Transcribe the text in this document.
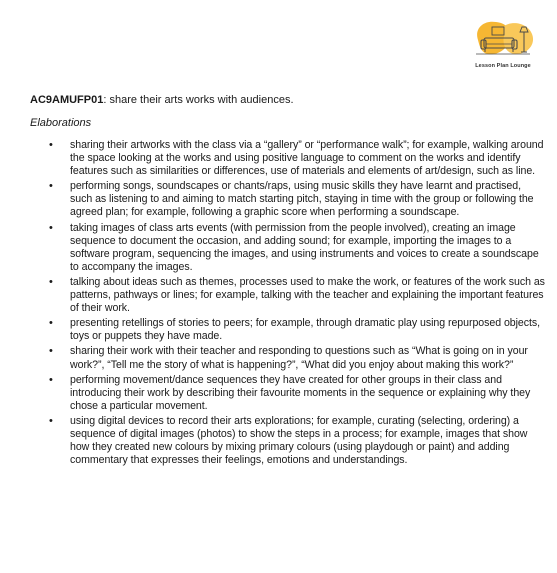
Lesson Plan Lounge
AC9AMUFP01: share their arts works with audiences.
Elaborations
• sharing their artworks with the class via a “gallery” or “performance walk”; for example, walking around the space looking at the works and using positive language to comment on the works and identify features such as similarities or differences, use of materials and elements of art/design, such as line.
• performing songs, soundscapes or chants/raps, using music skills they have learnt and practised, such as listening to and aiming to match starting pitch, staying in time with the group or following the agreed plan; for example, following a graphic score when performing a soundscape.
• taking images of class arts events (with permission from the people involved), creating an image sequence to document the occasion, and adding sound; for example, importing the images to a software program, sequencing the images, and using instruments and voices to create a soundscape to accompany the images.
• talking about ideas such as themes, processes used to make the work, or features of the work such as patterns, pathways or lines; for example, talking with the teacher and explaining the important features of their work.
• presenting retellings of stories to peers; for example, through dramatic play using repurposed objects, toys or puppets they have made.
• sharing their work with their teacher and responding to questions such as “What is going on in your work?”, “Tell me the story of what is happening?”, “What did you enjoy about making this work?”
• performing movement/dance sequences they have created for other groups in their class and introducing their work by describing their favourite moments in the sequence or explaining why they chose a particular movement.
• using digital devices to record their arts explorations; for example, curating (selecting, ordering) a sequence of digital images (photos) to show the steps in a process; for example, images that show how they created new colours by mixing primary colours (using playdough or paint) and adding commentary that expresses their feelings, emotions and understandings.
